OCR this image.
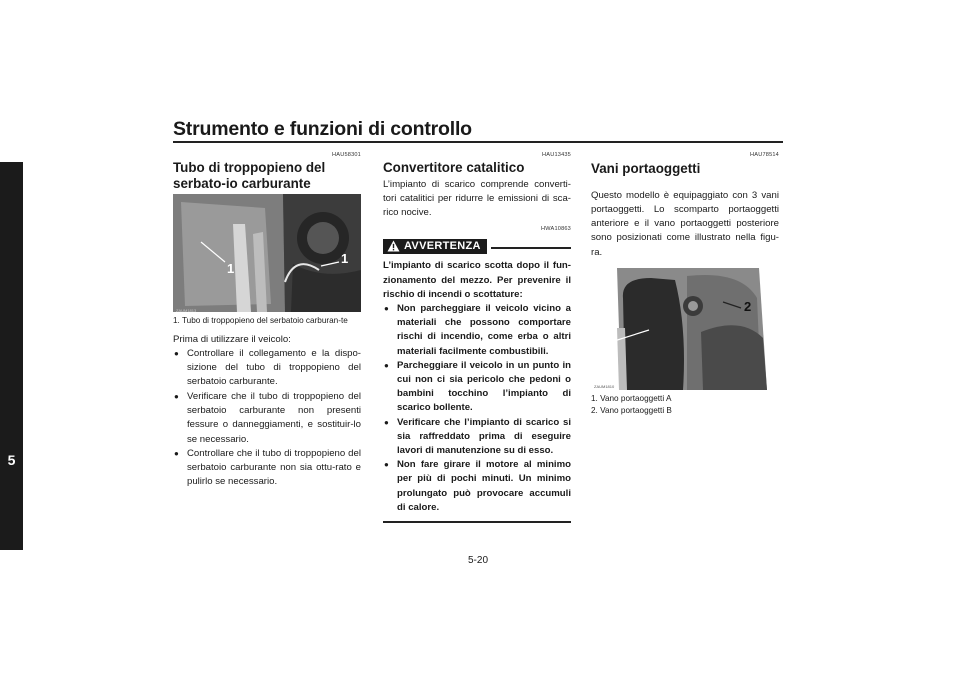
Strumento e funzioni di controllo
5
HAU58301
Tubo di troppopieno del serbato-io carburante
ZAUM1813
1
1
1. Tubo di troppopieno del serbatoio carburan-te

Prima di utilizzare il veicolo:

● Controllare il collegamento e la dispo-sizione del tubo di troppopieno del serbatoio carburante.
● Verificare che il tubo di troppopieno del serbatoio carburante non presenti fessure o danneggiamenti, e sostituir-lo se necessario.
● Controllare che il tubo di troppopieno del serbatoio carburante non sia ottu-rato e pulirlo se necessario.
HAU13435
Convertitore catalitico

L’impianto di scarico comprende converti-tori catalitici per ridurre le emissioni di sca-rico nocive.

HWA10863
AVVERTENZA

L’impianto di scarico scotta dopo il fun-zionamento del mezzo. Per prevenire il rischio di incendi o scottature:

● Non parcheggiare il veicolo vicino a materiali che possono comportare rischi di incendio, come erba o altri materiali facilmente combustibili.
● Parcheggiare il veicolo in un punto in cui non ci sia pericolo che pedoni o bambini tocchino l’impianto di scarico bollente.
● Verificare che l’impianto di scarico si sia raffreddato prima di eseguire lavori di manutenzione su di esso.
● Non fare girare il motore al minimo per più di pochi minuti. Un minimo prolungato può provocare accumuli di calore.
HAU78514
Vani portaoggetti

Questo modello è equipaggiato con 3 vani portaoggetti. Lo scomparto portaoggetti anteriore e il vano portaoggetti posteriore sono posizionati come illustrato nella figu-ra.

ZAUM1810
1
2
1. Vano portaoggetti A
2. Vano portaoggetti B
5-20
